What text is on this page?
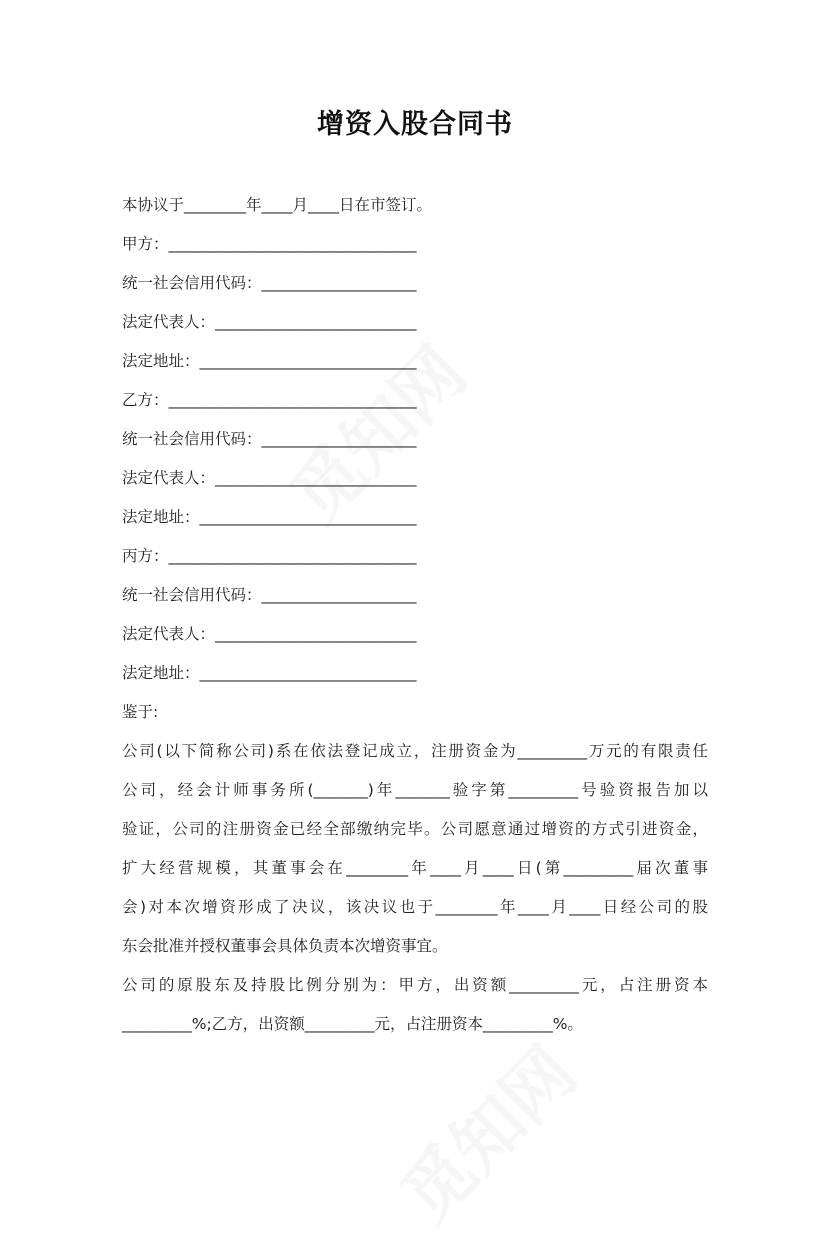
增资入股合同书
本协议于________年____月____日在市签订。
甲方：________________________________
统一社会信用代码：____________________
法定代表人：__________________________
法定地址：____________________________
乙方：________________________________
统一社会信用代码：____________________
法定代表人：__________________________
法定地址：____________________________
丙方：________________________________
统一社会信用代码：____________________
法定代表人：__________________________
法定地址：____________________________
鉴于:
公司(以下简称公司)系在依法登记成立，注册资金为_________万元的有限责任
公司，经会计师事务所(_______)年_______验字第_________号验资报告加以
验证，公司的注册资金已经全部缴纳完毕。公司愿意通过增资的方式引进资金，
扩大经营规模，其董事会在________年____月____日(第_________届次董事
会)对本次增资形成了决议，该决议也于________年____月____日经公司的股
东会批准并授权董事会具体负责本次增资事宜。
公司的原股东及持股比例分别为：甲方，出资额_________元，占注册资本
_________%;乙方，出资额_________元，占注册资本_________%。
